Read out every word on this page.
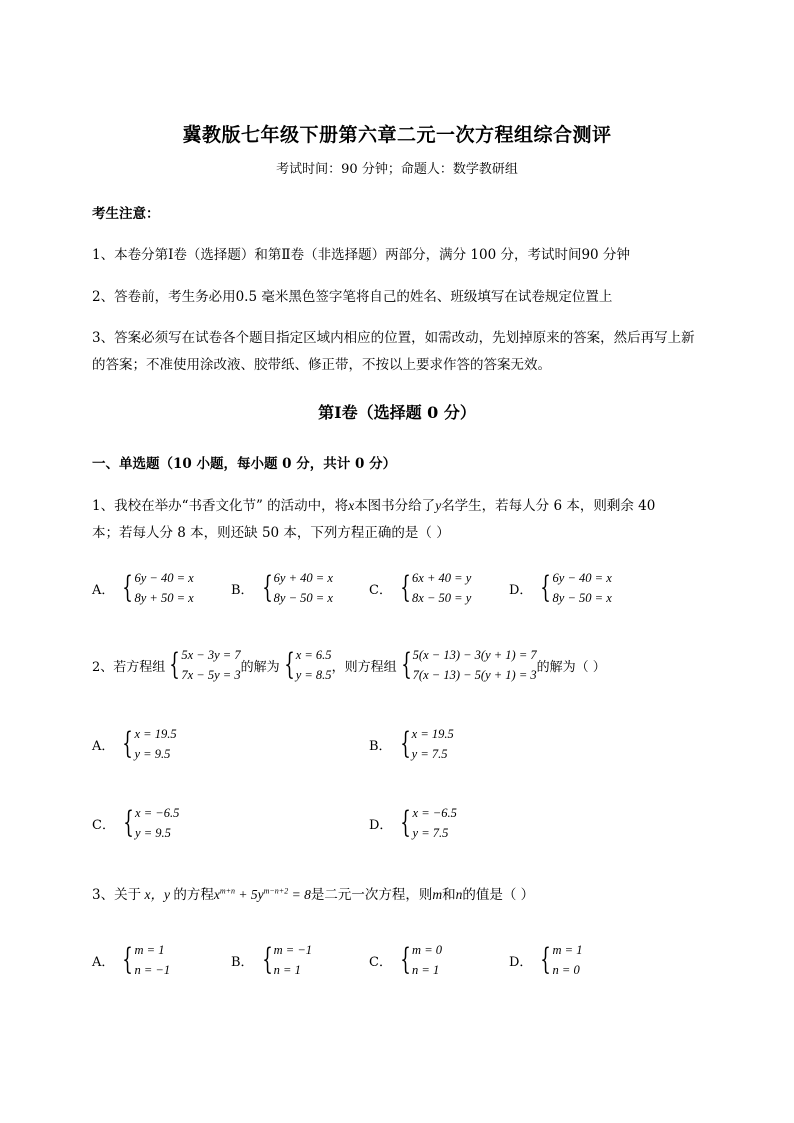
冀教版七年级下册第六章二元一次方程组综合测评
考试时间：90 分钟；命题人：数学教研组
考生注意：
1、本卷分第Ⅰ卷（选择题）和第Ⅱ卷（非选择题）两部分，满分 100 分，考试时间90 分钟
2、答卷前，考生务必用0.5 毫米黑色签字笔将自己的姓名、班级填写在试卷规定位置上
3、答案必须写在试卷各个题目指定区域内相应的位置，如需改动，先划掉原来的答案，然后再写上新
的答案；不准使用涂改液、胶带纸、修正带，不按以上要求作答的答案无效。
第Ⅰ卷（选择题 0 分）
一、单选题（10 小题，每小题 0 分，共计 0 分）
1、我校在举办“书香文化节” 的活动中，将x本图书分给了y名学生，若每人分 6 本，则剩余 40
本；若每人分 8 本，则还缺 50 本，下列方程正确的是（ ）
A． { 6y − 40 = x
8y + 50 = x
B． { 6y + 40 = x
8y − 50 = x
C． { 6x + 40 = y
8x − 50 = y
D． { 6y − 40 = x
8y − 50 = x
2、若方程组 { 5x − 3y = 7
7x − 5y = 3
的解为 { x = 6.5
y = 8.5
，则方程组 { 5(x − 13) − 3(y + 1) = 7
7(x − 13) − 5(y + 1) = 3
的解为（ ）
A． { x = 19.5
y = 9.5
B． { x = 19.5
y = 7.5
C． { x = −6.5
y = 9.5
D． { x = −6.5
y = 7.5
3、关于 x，y 的方程$x^{m+n} + 5y^{m-n+2} = 8$是二元一次方程，则m和n的值是（ ）
A． { m = 1
n = −1
B． { m = −1
n = 1
C． { m = 0
n = 1
D． { m = 1
n = 0
